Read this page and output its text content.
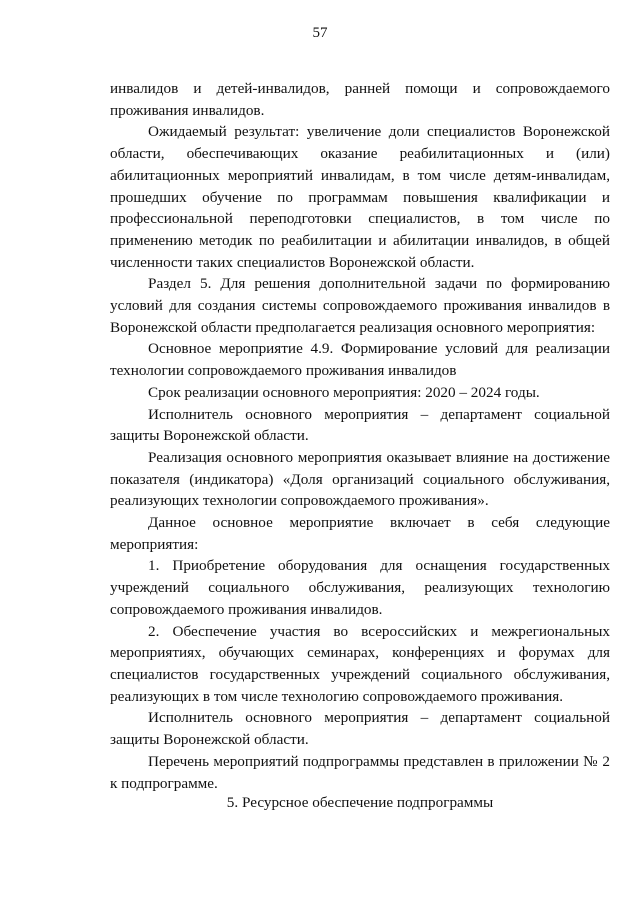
57

инвалидов и детей-инвалидов, ранней помощи и сопровождаемого проживания инвалидов.

Ожидаемый результат: увеличение доли специалистов Воронежской области, обеспечивающих оказание реабилитационных и (или) абилитационных мероприятий инвалидам, в том числе детям-инвалидам, прошедших обучение по программам повышения квалификации и профессиональной переподготовки специалистов, в том числе по применению методик по реабилитации и абилитации инвалидов, в общей численности таких специалистов Воронежской области.

Раздел 5. Для решения дополнительной задачи по формированию условий для создания системы сопровождаемого проживания инвалидов в Воронежской области предполагается реализация основного мероприятия:

Основное мероприятие 4.9. Формирование условий для реализации технологии сопровождаемого проживания инвалидов

Срок реализации основного мероприятия: 2020 – 2024 годы.

Исполнитель основного мероприятия – департамент социальной защиты Воронежской области.

Реализация основного мероприятия оказывает влияние на достижение показателя (индикатора) «Доля организаций социального обслуживания, реализующих технологии сопровождаемого проживания».

Данное основное мероприятие включает в себя следующие мероприятия:

1. Приобретение оборудования для оснащения государственных учреждений социального обслуживания, реализующих технологию сопровождаемого проживания инвалидов.

2. Обеспечение участия во всероссийских и межрегиональных мероприятиях, обучающих семинарах, конференциях и форумах для специалистов государственных учреждений социального обслуживания, реализующих в том числе технологию сопровождаемого проживания.

Исполнитель основного мероприятия – департамент социальной защиты Воронежской области.

Перечень мероприятий подпрограммы представлен в приложении № 2 к подпрограмме.

5. Ресурсное обеспечение подпрограммы
